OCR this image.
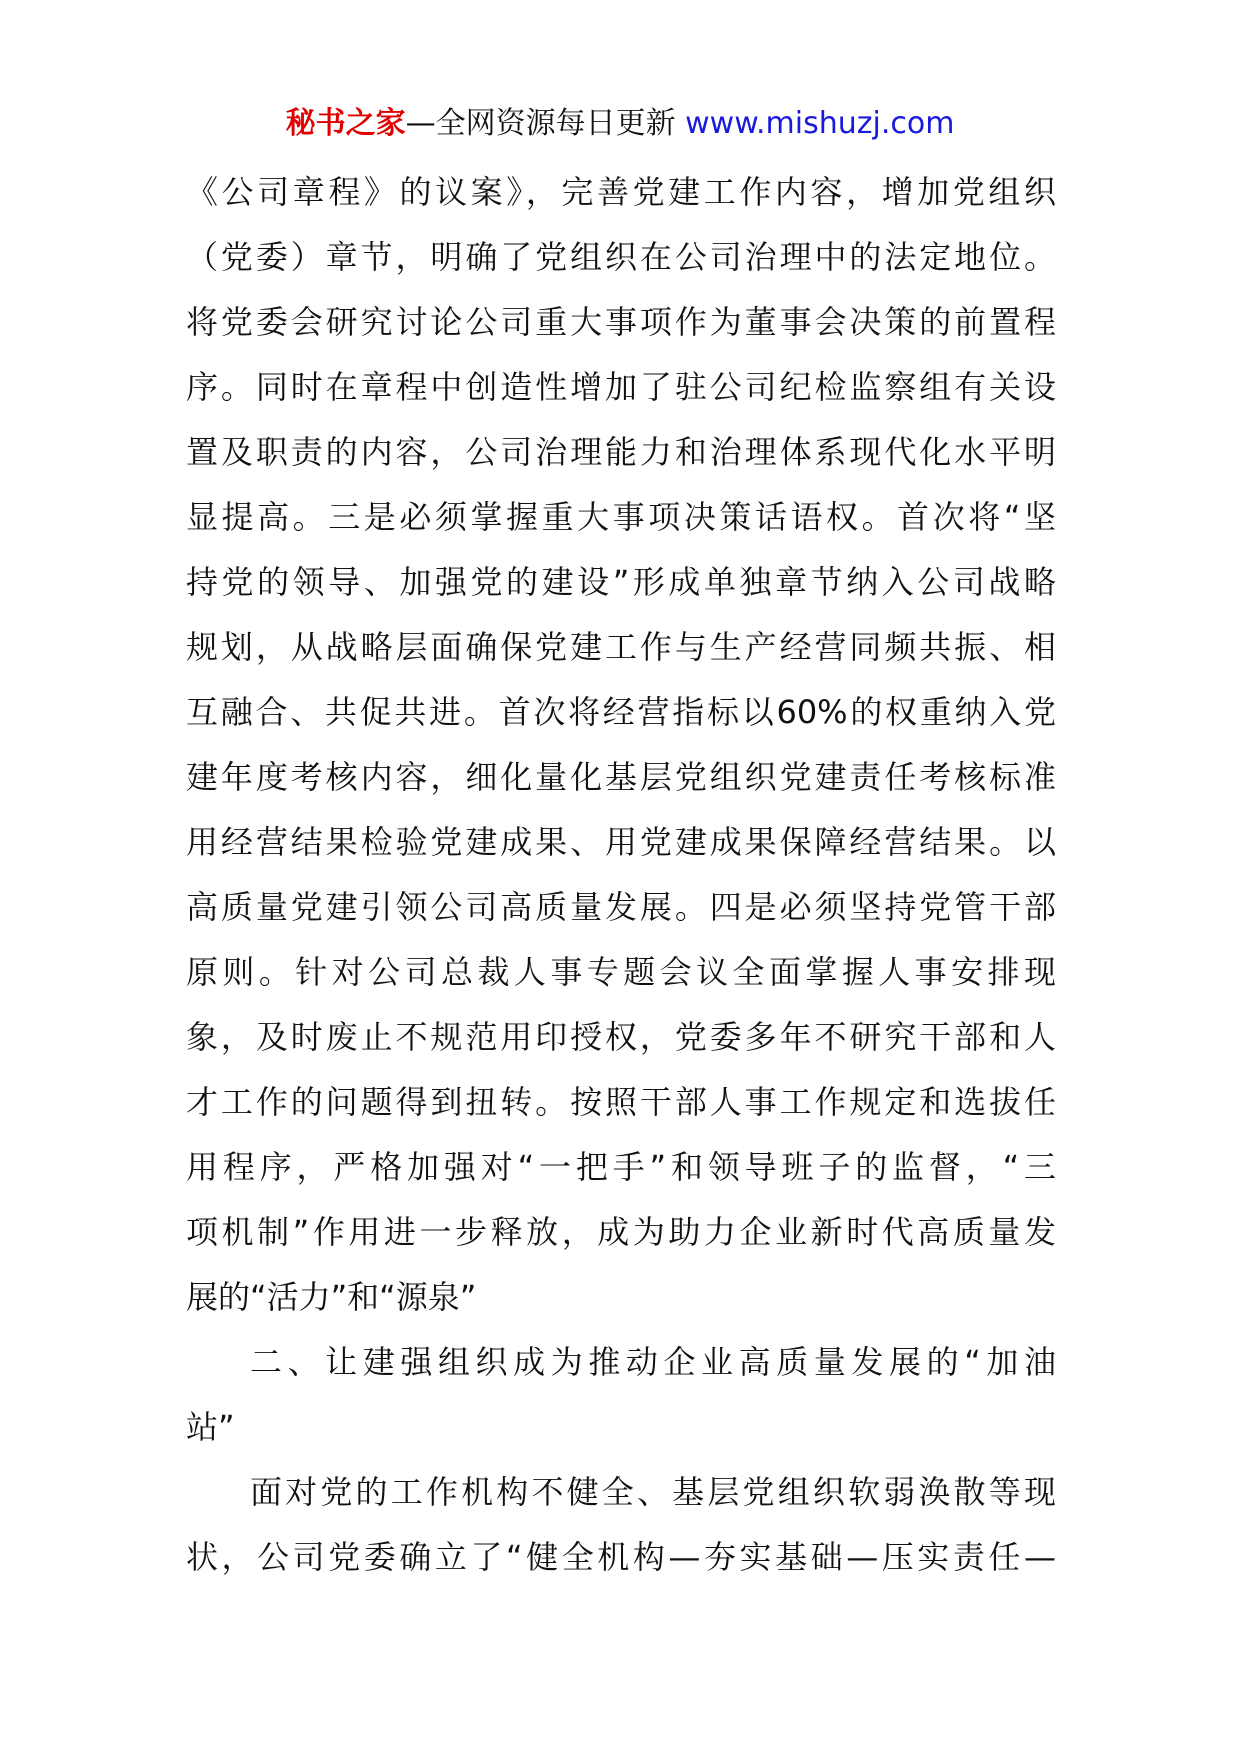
秘书之家—全网资源每日更新 www.mishuzj.com
《公司章程》的议案》，完善党建工作内容，增加党组织
（党委）章节，明确了党组织在公司治理中的法定地位。
将党委会研究讨论公司重大事项作为董事会决策的前置程
序。同时在章程中创造性增加了驻公司纪检监察组有关设
置及职责的内容，公司治理能力和治理体系现代化水平明
显提高。三是必须掌握重大事项决策话语权。首次将“坚
持党的领导、加强党的建设”形成单独章节纳入公司战略
规划，从战略层面确保党建工作与生产经营同频共振、相
互融合、共促共进。首次将经营指标以60%的权重纳入党
建年度考核内容，细化量化基层党组织党建责任考核标准
用经营结果检验党建成果、用党建成果保障经营结果。以
高质量党建引领公司高质量发展。四是必须坚持党管干部
原则。针对公司总裁人事专题会议全面掌握人事安排现
象，及时废止不规范用印授权，党委多年不研究干部和人
才工作的问题得到扭转。按照干部人事工作规定和选拔任
用程序，严格加强对“一把手”和领导班子的监督，“三
项机制”作用进一步释放，成为助力企业新时代高质量发
展的“活力”和“源泉”
二、让建强组织成为推动企业高质量发展的“加油
站”
面对党的工作机构不健全、基层党组织软弱涣散等现
状，公司党委确立了“健全机构—夯实基础—压实责任—
